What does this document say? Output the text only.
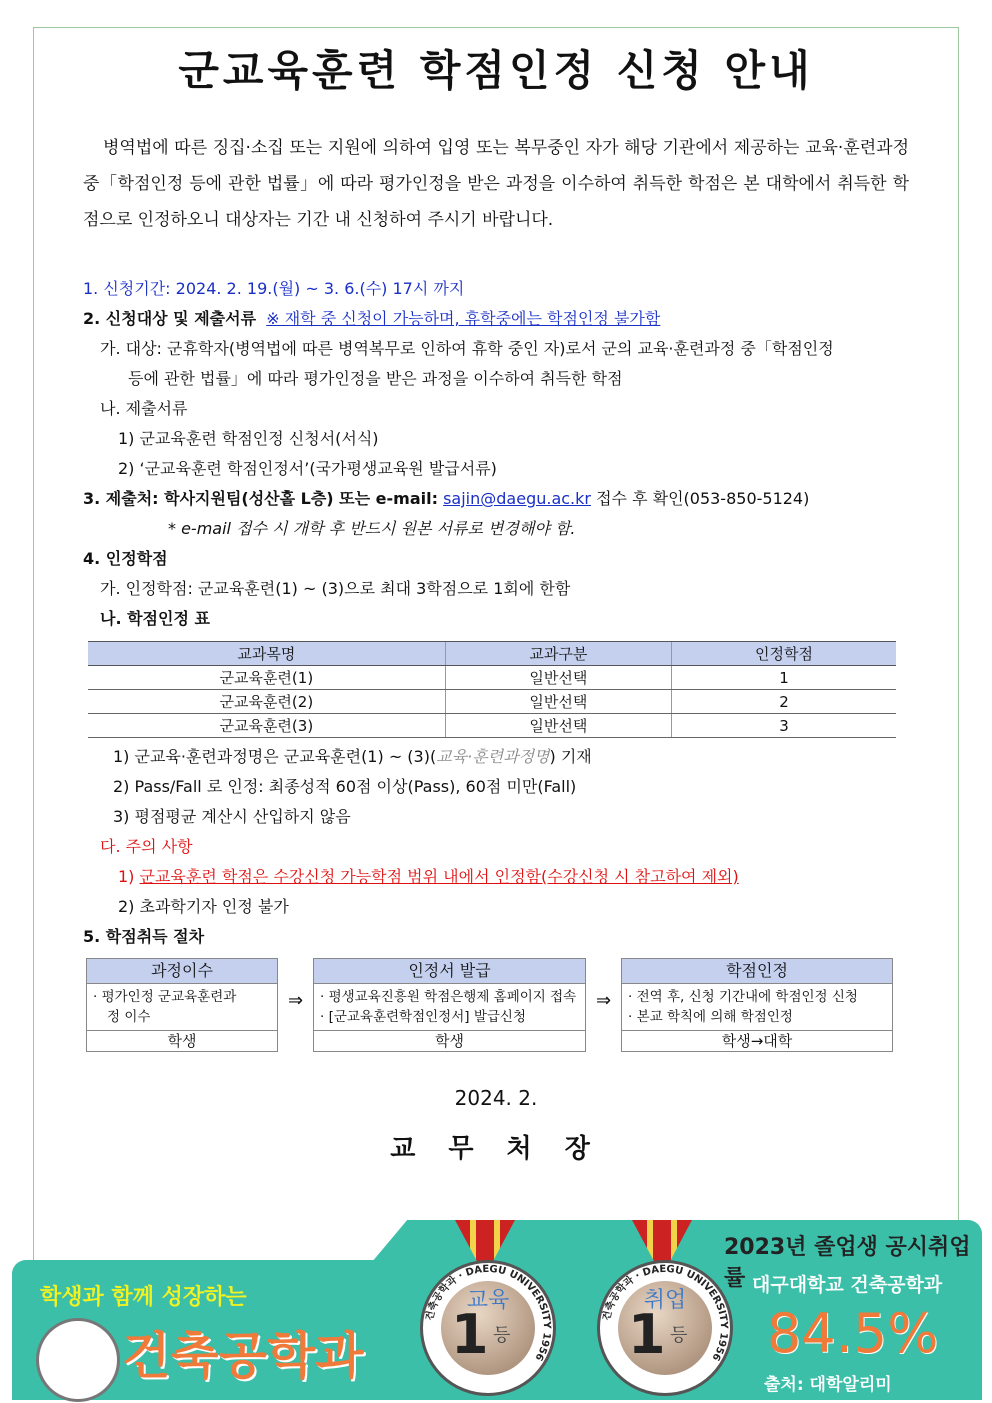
군교육훈련 학점인정 신청 안내
병역법에 따른 징집·소집 또는 지원에 의하여 입영 또는 복무중인 자가 해당 기관에서 제공하는 교육·훈련과정 중「학점인정 등에 관한 법률」에 따라 평가인정을 받은 과정을 이수하여 취득한 학점은 본 대학에서 취득한 학점으로 인정하오니 대상자는 기간 내 신청하여 주시기 바랍니다.
1. 신청기간: 2024. 2. 19.(월) ~ 3. 6.(수) 17시 까지
2. 신청대상 및 제출서류 ※ 재학 중 신청이 가능하며, 휴학중에는 학점인정 불가함
가. 대상: 군휴학자(병역법에 따른 병역복무로 인하여 휴학 중인 자)로서 군의 교육·훈련과정 중「학점인정
등에 관한 법률」에 따라 평가인정을 받은 과정을 이수하여 취득한 학점
나. 제출서류
1) 군교육훈련 학점인정 신청서(서식)
2) ‘군교육훈련 학점인정서’(국가평생교육원 발급서류)
3. 제출처: 학사지원팀(성산홀 L층) 또는 e-mail: sajin@daegu.ac.kr 접수 후 확인(053-850-5124)
* e-mail 접수 시 개학 후 반드시 원본 서류로 변경해야 함.
4. 인정학점
가. 인정학점: 군교육훈련(1) ~ (3)으로 최대 3학점으로 1회에 한함
나. 학점인정 표
교과목명	교과구분	인정학점
군교육훈련(1)	일반선택	1
군교육훈련(2)	일반선택	2
군교육훈련(3)	일반선택	3
1) 군교육·훈련과정명은 군교육훈련(1) ~ (3)(교육·훈련과정명) 기재
2) Pass/Fall 로 인정: 최종성적 60점 이상(Pass), 60점 미만(Fall)
3) 평점평균 계산시 산입하지 않음
다. 주의 사항
1) 군교육훈련 학점은 수강신청 가능학점 범위 내에서 인정함(수강신청 시 참고하여 제외)
2) 초과학기자 인정 불가
5. 학점취득 절차
과정이수
· 평가인정 군교육훈련과
정 이수
학생
⇒
인정서 발급
· 평생교육진흥원 학점은행제 홈페이지 접속
· [군교육훈련학점인정서] 발급신청
학생
⇒
학점인정
· 전역 후, 신청 기간내에 학점인정 신청
· 본교 학칙에 의해 학점인정
학생→대학
2024. 2.
교 무 처 장
학생과 함께 성장하는
건축공학과
건축공학과 · DAEGU UNIVERSITY 1956
교육
1 등
건축공학과 · DAEGU UNIVERSITY 1956
취업
1 등
2023년 졸업생 공시취업률 대구대학교 건축공학과
84.5%
출처: 대학알리미
